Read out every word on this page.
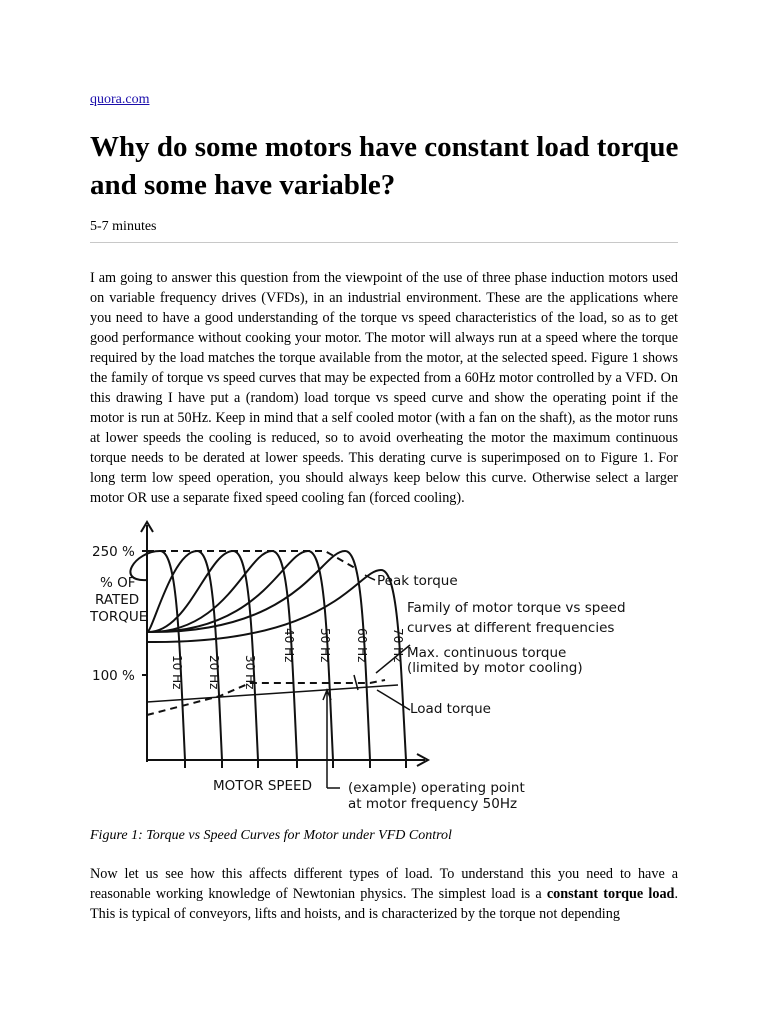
quora.com
Why do some motors have constant load torque and some have variable?
5-7 minutes

I am going to answer this question from the viewpoint of the use of three phase induction motors used on variable frequency drives (VFDs), in an industrial environment. These are the applications where you need to have a good understanding of the torque vs speed characteristics of the load, so as to get good performance without cooking your motor. The motor will always run at a speed where the torque required by the load matches the torque available from the motor, at the selected speed. Figure 1 shows the family of torque vs speed curves that may be expected from a 60Hz motor controlled by a VFD. On this drawing I have put a (random) load torque vs speed curve and show the operating point if the motor is run at 50Hz. Keep in mind that a self cooled motor (with a fan on the shaft), as the motor runs at lower speeds the cooling is reduced, so to avoid overheating the motor the maximum continuous torque needs to be derated at lower speeds. This derating curve is superimposed on to Figure 1. For long term low speed operation, you should always keep below this curve. Otherwise select a larger motor OR use a separate fixed speed cooling fan (forced cooling).

250 %
100 %
% OF
RATED
TORQUE
10 Hz 20 Hz 30 Hz
40 Hz 50 Hz 60 Hz 70 Hz
MOTOR SPEED
Peak torque
Family of motor torque vs speed
curves at different frequencies
Max. continuous torque
(limited by motor cooling)
Load torque
(example) operating point
at motor frequency 50Hz
Figure 1: Torque vs Speed Curves for Motor under VFD Control

Now let us see how this affects different types of load. To understand this you need to have a reasonable working knowledge of Newtonian physics. The simplest load is a constant torque load. This is typical of conveyors, lifts and hoists, and is characterized by the torque not depending
